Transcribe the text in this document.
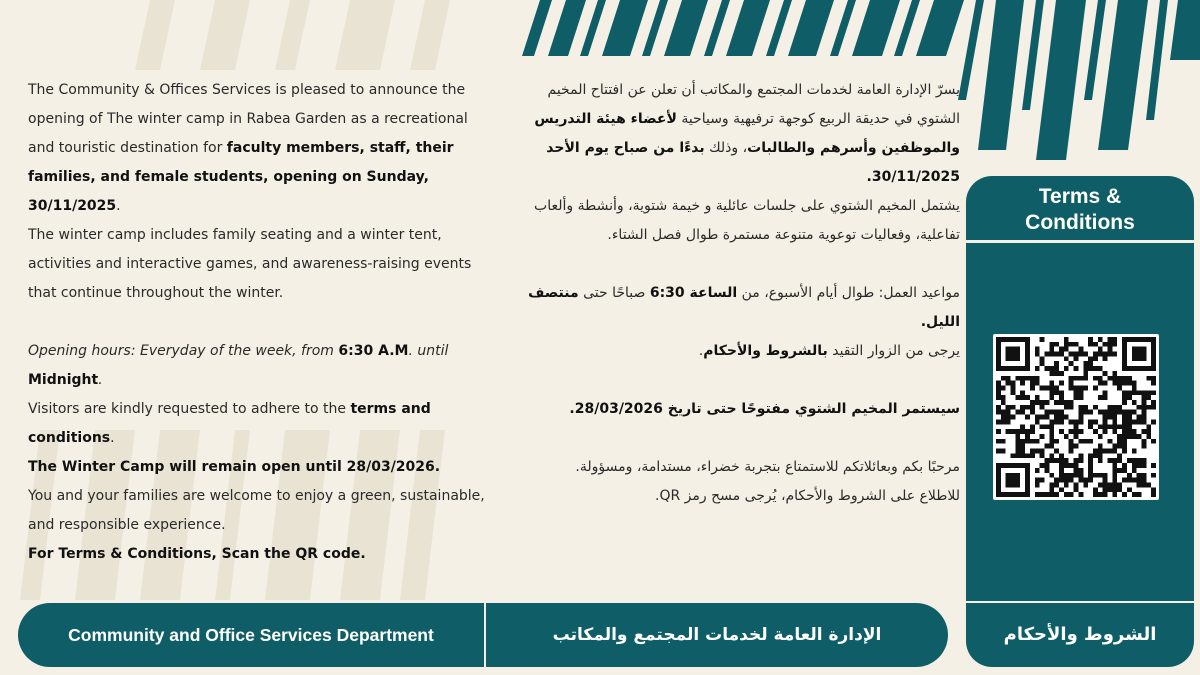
The Community & Offices Services is pleased to announce the opening of The winter camp in Rabea Garden as a recreational and touristic destination for faculty members, staff, their families, and female students, opening on Sunday, 30/11/2025.

The winter camp includes family seating and a winter tent, activities and interactive games, and awareness-raising events that continue throughout the winter.

Opening hours: Everyday of the week, from 6:30 A.M. until Midnight.

Visitors are kindly requested to adhere to the terms and conditions.

The Winter Camp will remain open until 28/03/2026.

You and your families are welcome to enjoy a green, sustainable, and responsible experience.

For Terms & Conditions, Scan the QR code.

يسرّ الإدارة العامة لخدمات المجتمع والمكاتب أن تعلن عن افتتاح المخيم الشتوي في حديقة الربيع كوجهة ترفيهية وسياحية لأعضاء هيئة التدريس والموظفين وأسرهم والطالبات، وذلك بدءًا من صباح يوم الأحد 30/11/2025.

يشتمل المخيم الشتوي على جلسات عائلية و خيمة شتوية، وأنشطة وألعاب تفاعلية، وفعاليات توعوية متنوعة مستمرة طوال فصل الشتاء.

مواعيد العمل: طوال أيام الأسبوع، من الساعة 6:30 صباحًا حتى منتصف الليل.

يرجى من الزوار التقيد بالشروط والأحكام.

سيستمر المخيم الشتوي مفتوحًا حتى تاريخ 28/03/2026.

مرحبًا بكم وبعائلاتكم للاستمتاع بتجربة خضراء، مستدامة، ومسؤولة.

للاطلاع على الشروط والأحكام، يُرجى مسح رمز QR.

Terms &
Conditions
Community and Office Services Department	الإدارة العامة لخدمات المجتمع والمكاتب	الشروط والأحكام
